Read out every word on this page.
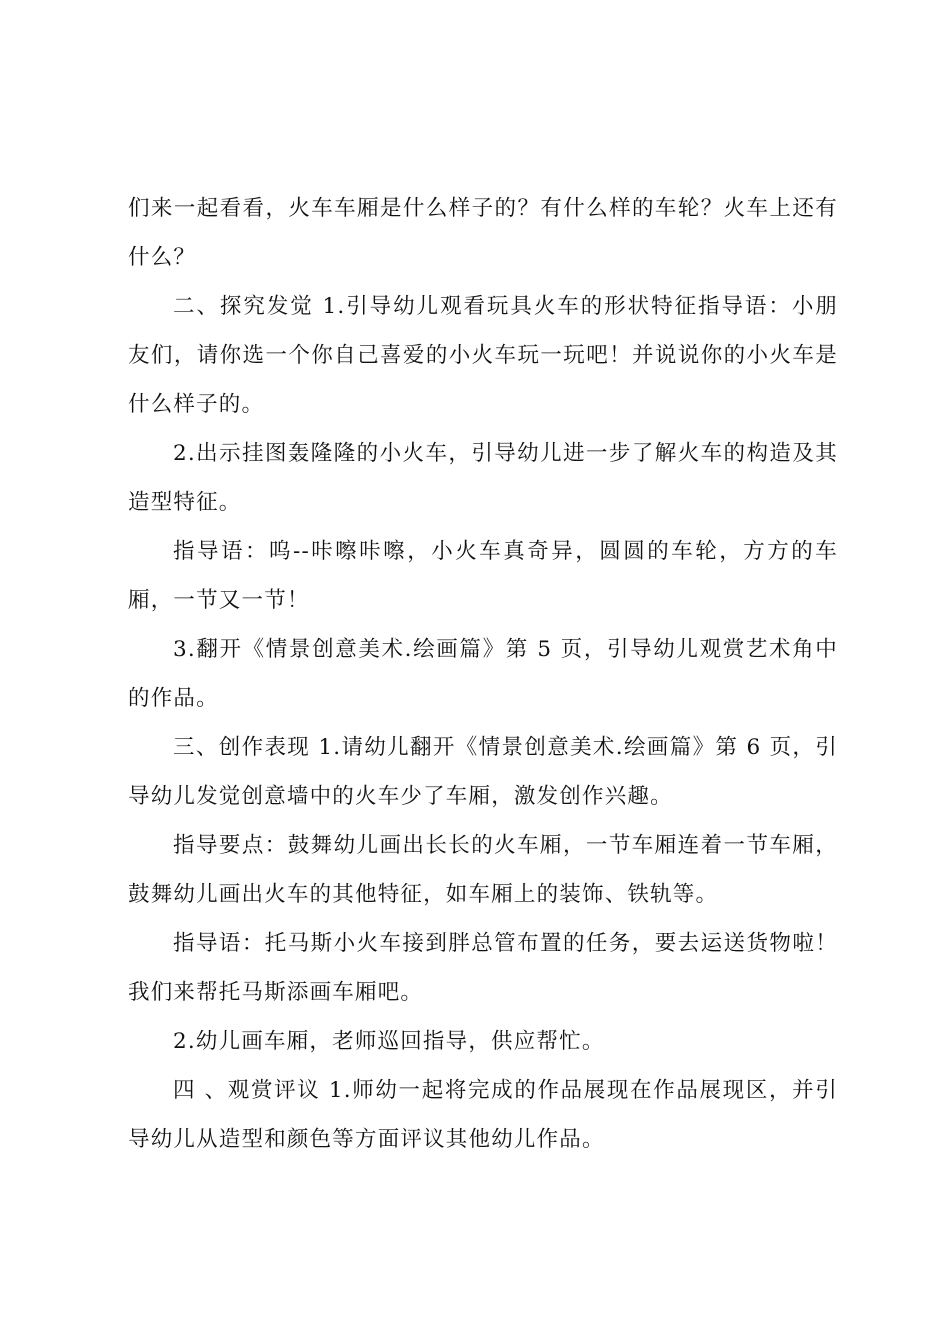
们来一起看看，火车车厢是什么样子的？有什么样的车轮？火车上还有什么？

二、探究发觉 1.引导幼儿观看玩具火车的形状特征指导语：小朋友们，请你选一个你自己喜爱的小火车玩一玩吧！并说说你的小火车是什么样子的。

2.出示挂图轰隆隆的小火车，引导幼儿进一步了解火车的构造及其造型特征。

指导语：呜--咔嚓咔嚓，小火车真奇异，圆圆的车轮，方方的车厢，一节又一节！

3.翻开《情景创意美术.绘画篇》第 5 页，引导幼儿观赏艺术角中的作品。

三、创作表现 1.请幼儿翻开《情景创意美术.绘画篇》第 6 页，引导幼儿发觉创意墙中的火车少了车厢，激发创作兴趣。

指导要点：鼓舞幼儿画出长长的火车厢，一节车厢连着一节车厢，鼓舞幼儿画出火车的其他特征，如车厢上的装饰、铁轨等。

指导语：托马斯小火车接到胖总管布置的任务，要去运送货物啦！我们来帮托马斯添画车厢吧。

2.幼儿画车厢，老师巡回指导，供应帮忙。

四 、观赏评议 1.师幼一起将完成的作品展现在作品展现区，并引导幼儿从造型和颜色等方面评议其他幼儿作品。
